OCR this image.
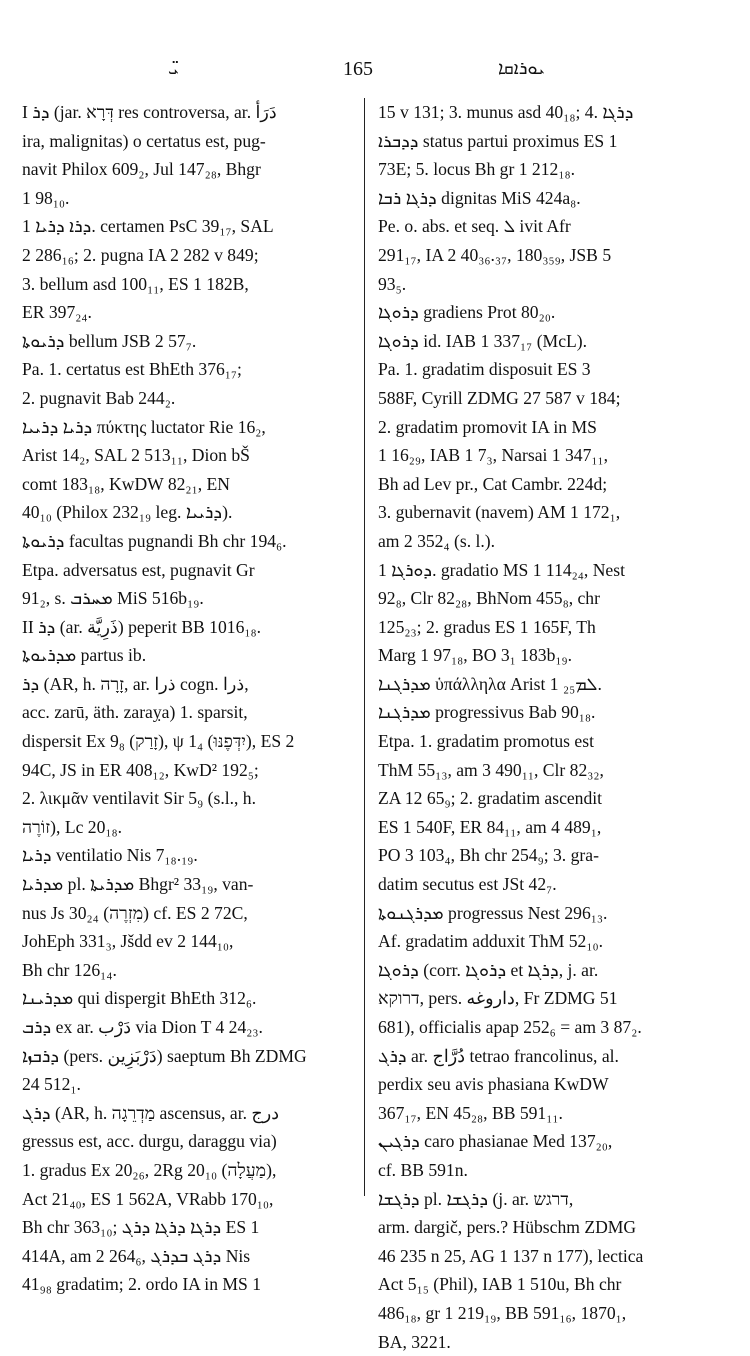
ܝ̈	165	ܝܘܪܐܩܐ
I ܕܪ (jar. ‏דְּרָא res controversa, ar. ‏دَرَأ
ira, malignitas) o certatus est, pug-
navit Philox 609₂, Jul 147₂₈, Bhgr
1 98₁₀.
ܕܪܐ ܕܪܝܐ 1. certamen PsC 39₁₇, SAL
2 286₁₆; 2. pugna IA 2 282 v 849;
3. bellum asd 100₁₁, ES 1 182B,
ER 397₂₄.
ܕܪܝܘܬܐ bellum JSB 2 57₇.
Pa. 1. certatus est BhEth 376₁₇;
2. pugnavit Bab 244₂.
ܕܪܝܐ ܕܪܝܝܐ πύκτης luctator Rie 16₂,
Arist 14₂, SAL 2 513₁₁, Dion bŠ
comt 183₁₈, KwDW 82₂₁, EN
40₁₀ (Philox 232₁₉ leg. ܕܪܝܝܐ).
ܕܪܝܘܬܐ facultas pugnandi Bh chr 194₆.
Etpa. adversatus est, pugnavit Gr
91₂, s. ܡܚܪܒ MiS 516b₁₉.
II ܕܪ (ar. ‏ذَرِيَّة) peperit BB 1016₁₈.
ܡܕܪܝܘܬܐ partus ib.
ܕܪ (AR, h. ‏זָרָה, ar. ‏ذرا cogn. ‏ذرا,
acc. zarū, äth. zaraỵa) 1. sparsit,
dispersit Ex 9₈ (‏זָרַק), ψ 1₄ (‏יִדְּפֶנּוּ), ES 2
94C, JS in ER 408₁₂, KwD² 192₅;
2. λικμᾶν ventilavit Sir 5₉ (s.l., h.
‏זוֹרֶה), Lc 20₁₈.
ܕܪܝܐ ventilatio Nis 7₁₈.₁₉.
ܡܕܪܝܐ pl. ܡܕܪܝܬܐ Bhgr² 33₁₉, van-
nus Js 30₂₄ (‏מִזְרֶה) cf. ES 2 72C,
JohEph 331₃, Jšdd ev 2 144₁₀,
Bh chr 126₁₄.
ܡܕܪܝܢܐ qui dispergit BhEth 312₆.
ܕܪܒ ex ar. ‏دَرْب via Dion T 4 24₂₃.
ܕܪܒܙܐ (pers. ‏دَرْبَزِين) saeptum Bh ZDMG
24 512₁.
ܕܪܓ (AR, h. ‏מַדְרֵגָה ascensus, ar. ‏درج
gressus est, acc. durgu, daraggu via)
1. gradus Ex 20₂₆, 2Rg 20₁₀ (‏מַעֲלָה),
Act 21₄₀, ES 1 562A, VRabb 170₁₀,
Bh chr 363₁₀; ܕܪܓܐ ܕܪܓܐ ܕܪܓ ES 1
414A, am 2 264₆, ܕܪܓ ܒܕܪܓ Nis
41₉₈ gradatim; 2. ordo IA in MS 1
15 v 131; 3. munus asd 40₁₈; 4. ܕܪܓܐ
ܕܕܒܪܐ status partui proximus ES 1
73E; 5. locus Bh gr 1 212₁₈.
ܕܪܓܐ ܪܒܐ dignitas MiS 424a₈.
Pe. o. abs. et seq. ܠ ivit Afr
291₁₇, IA 2 40₃₆.₃₇, 180₃₅₉, JSB 5
93₅.
ܕܪܘܓܐ gradiens Prot 80₂₀.
ܕܪܘܓܐ id. IAB 1 337₁₇ (McL).
Pa. 1. gradatim disposuit ES 3
588F, Cyrill ZDMG 27 587 v 184;
2. gradatim promovit IA in MS
1 16₂₉, IAB 1 7₃, Narsai 1 347₁₁,
Bh ad Lev pr., Cat Cambr. 224d;
3. gubernavit (navem) AM 1 172₁,
am 2 352₄ (s. l.).
ܕܘܪܓܐ 1. gradatio MS 1 114₂₄, Nest
92₈, Clr 82₂₈, BhNom 455₈, chr
125₂₃; 2. gradus ES 1 165F, Th
Marg 1 97₁₈, BO 3₁ 183b₁₉.
ܡܕܪܓܢܐ ὑπάλληλα Arist 1 ܠܡ₂₅.
ܡܕܪܓܢܐ progressivus Bab 90₁₈.
Etpa. 1. gradatim promotus est
ThM 55₁₃, am 3 490₁₁, Clr 82₃₂,
ZA 12 65₉; 2. gradatim ascendit
ES 1 540F, ER 84₁₁, am 4 489₁,
PO 3 103₄, Bh chr 254₉; 3. gra-
datim secutus est JSt 42₇.
ܡܕܪܓܢܘܬܐ progressus Nest 296₁₃.
Af. gradatim adduxit ThM 52₁₀.
ܕܪܘܓܐ (corr. ܕܪܘܓܐ et ܕܪܓܐ, j. ar.
‏דרוקא, pers. ‏داروغه, Fr ZDMG 51
681), officialis apap 252₆ = am 3 87₂.
ܕܪܓ ar. ‏دُرَّاج tetrao francolinus, al.
perdix seu avis phasiana KwDW
367₁₇, EN 45₂₈, BB 591₁₁.
ܕܪܓܝܢ caro phasianae Med 137₂₀,
cf. BB 591n.
ܕܪܓܫܐ pl. ܕܪܓܫܐ (j. ar. ‏דרגש,
arm. dargič, pers.? Hübschm ZDMG
46 235 n 25, AG 1 137 n 177), lectica
Act 5₁₅ (Phil), IAB 1 510u, Bh chr
486₁₈, gr 1 219₁₉, BB 591₁₆, 1870₁,
BA, 3221.
